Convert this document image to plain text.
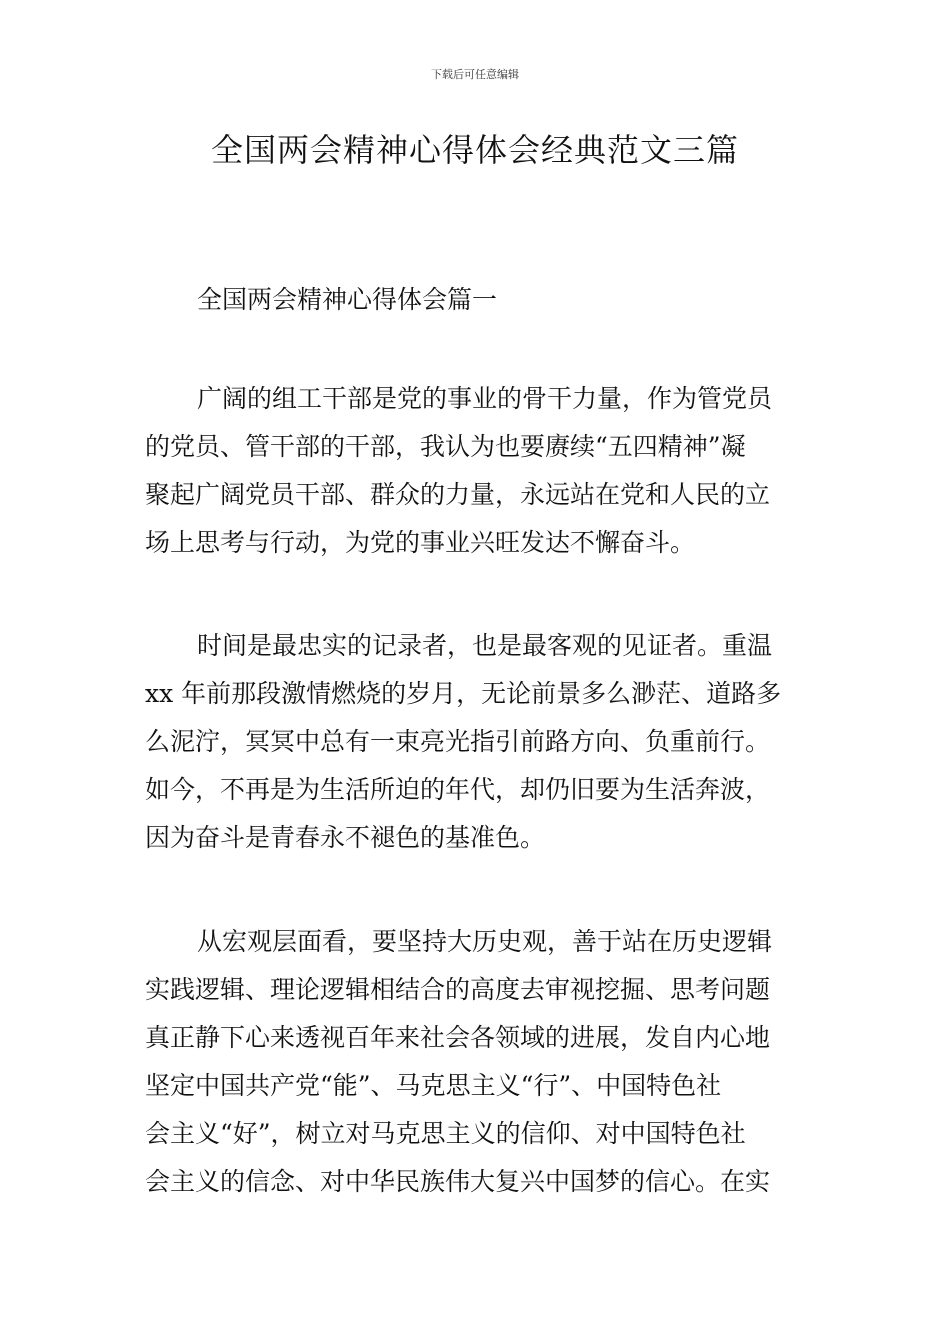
下载后可任意编辑
全国两会精神心得体会经典范文三篇
全国两会精神心得体会篇一
广阔的组工干部是党的事业的骨干力量，作为管党员
的党员、管干部的干部，我认为也要赓续“五四精神”凝
聚起广阔党员干部、群众的力量，永远站在党和人民的立
场上思考与行动，为党的事业兴旺发达不懈奋斗。
时间是最忠实的记录者，也是最客观的见证者。重温
xx 年前那段激情燃烧的岁月，无论前景多么渺茫、道路多
么泥泞，冥冥中总有一束亮光指引前路方向、负重前行。
如今，不再是为生活所迫的年代，却仍旧要为生活奔波，
因为奋斗是青春永不褪色的基准色。
从宏观层面看，要坚持大历史观，善于站在历史逻辑
实践逻辑、理论逻辑相结合的高度去审视挖掘、思考问题
真正静下心来透视百年来社会各领域的进展，发自内心地
坚定中国共产党“能”、马克思主义“行”、中国特色社
会主义“好”，树立对马克思主义的信仰、对中国特色社
会主义的信念、对中华民族伟大复兴中国梦的信心。在实
